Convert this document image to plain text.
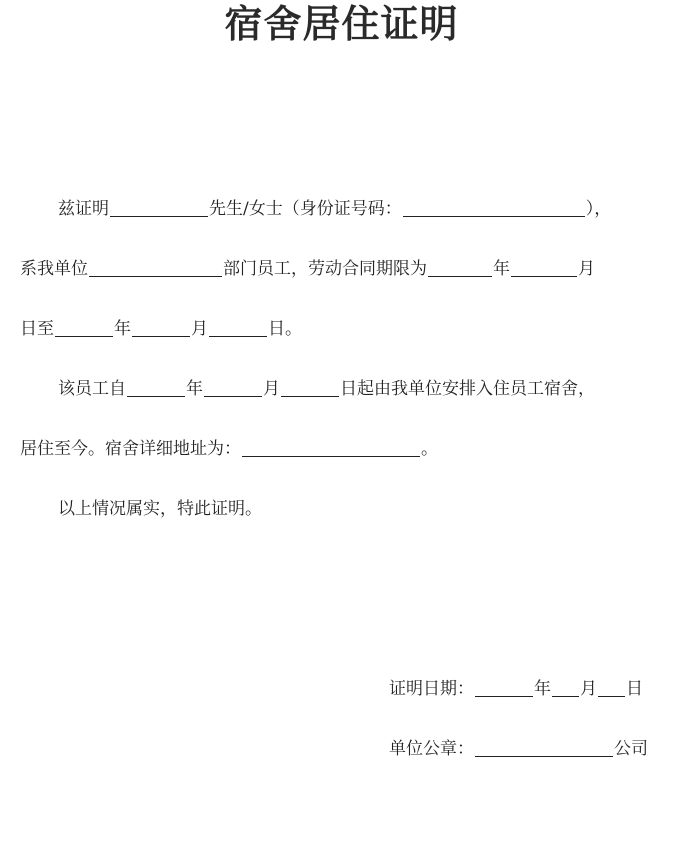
宿舍居住证明
兹证明	先生/女士（身份证号码：	），
系我单位	部门员工，劳动合同期限为	年	月
日至	年	月	日。
该员工自	年	月	日起由我单位安排入住员工宿舍，
居住至今。宿舍详细地址为：	。
以上情况属实，特此证明。
证明日期：	年 月 日
单位公章：	公司
